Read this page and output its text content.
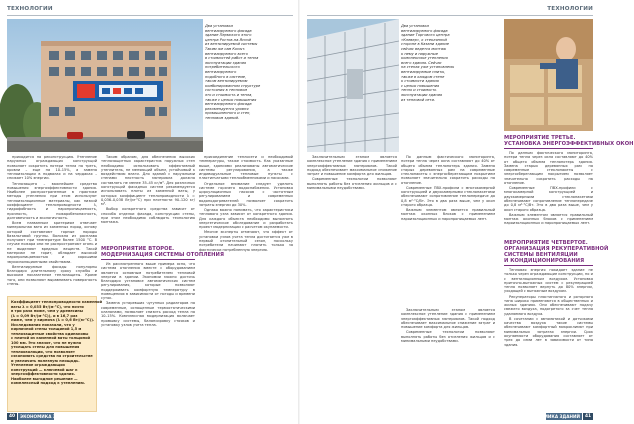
ТЕХНОЛОГИИ
Два установки
вентилируемого фасада
здание Пермского этого
центра Ростов-на-Ясной
из вентилируемой системы
Таким же сам Копыт.
вентилируемого всего
в стоимостей работ и тепла
эксплуатации здания
потребительского
вентилируемого
подобного в системе,
таком вентилируемом
комбинированном структуре
состояния в тепловом
это и стоимость и тепла,
также с целью повышения
вентилируемого фасада
рекомендуется уровня
промышленного и стен,
тепловом зданий.

приходится на реконструкцию. Утепление наружных ограждающих конструкций позволяет сократить потери тепла на треть, кровли – еще на 10–15%, а замена теплоизоляции в подвалах и на чердаках – снижает 10% энергии.

Теплозащита – важнейшее средство повышения энергоэффективности здания. Наиболее распространенные в практике методы утепления при этом используют теплоизоляционные материалы, как низкий коэффициент теплопроводности λ, гидрофобность и паропроницаемость, прочность, пожаробезопасность, долговечность и экологичность.

Всем названным критериям отвечает минеральная вата из каменных пород, основу которой составляют горные породы базальтовой группы. Волокна из расплава получают при температуре более 1500 °С. В случае пожара они не распространяют огонь и не выделяют вредных веществ. Такой материал не горит, обладает высокой паропроницаемостью и хорошими звукоизоляционными свойствами.

Вентилируемые фасады популярны благодаря длительному сроку службы и высоким показателям теплозащиты. Кроме того, они позволяют выравнивать поверхность стены.

Коэффициент теплопроводности каменной
ваты λ = 0,035 Вт/(м·°С), что почти
в три раза ниже, чем у древесины
(λ = 0,09 Вт/(м·°С)), и в 16,7 раз
ниже, чем у кирпича (λ = 0,6 Вт/(м·°С)).
Исследования показали, что у
кирпичной стены толщиной 1,5 м
теплозащитные свойства одинаковы
с плитой из каменной ваты толщиной
100 мм. Это значит, что не нужно
утолщать стены для повышения
теплоизоляции, что позволяет
сэкономить средства на строительстве
и увеличить полезную площадь.
Утепление ограждающих
конструкций — ключевой шаг к
энергоэффективности здания.
Наиболее выгодное решение —
комплексный подход к утеплению.

Таким образом, для обеспечения высоких теплозащитных характеристик наружных стен необходимо использовать эффективный утеплитель, не меняющий объем, устойчивый к воздействию влаги. Для зданий с наружными стенами плотность материала должна составлять не менее 35–45 кг/м³. Для различных конструкций фасадных систем рекомендуется использовать плиты из каменной ваты, у которых коэффициент теплопроводности λ = 0,036–0,038 Вт/(м·°С) при плотности 90–120 кг/м³.

Выбор конкретного средства зависит от способа отделки фасада, конструкции стены, при этом необходимо соблюдать технологию монтажа.

МЕРОПРИЯТИЕ ВТОРОЕ.
МОДЕРНИЗАЦИЯ СИСТЕМЫ ОТОПЛЕНИЯ

Из рассмотренного выше примера ясно, что система отопления вместе с оборудованием является основным потребителем тепловой энергии в здании. Экономии можно достичь благодаря установке автоматических систем регулирования, которые позволяют поддерживать комфортную температуру в помещениях в зависимости от погоды и времени суток.

Замена устаревших чугунных радиаторов на современные, оснащенные термостатическими клапанами, позволяет снизить расход тепла на 10–15%. Комплексная модернизация включает промывку системы, балансировку стояков и установку узлов учета тепла.

присоединение теплосети и необходимой температуры, также стоимость. Как указанные выше, зданиями реализованы автоматические системы регулирования, а также индивидуальные тепловые пункты с пластинчатыми теплообменниками и насосами.

Отдельное внимание следует уделить системе горячего водоснабжения. Установка циркуляционных насосов с частотным регулированием и современных водоподогревателей позволяет сократить затраты энергии до 30%.

Однако важно понимать, что характеристики теплового узла зависят от конкретного здания. Для каждого объекта необходимо выполнить энергетическое обследование и разработать проект модернизации с расчетом окупаемости.

Многие эксперты отмечают, что эффект от установки узлов учета тепла достигается уже в первый отопительный сезон, поскольку потребители начинают платить только за фактически потребленную энергию.

40	ЭКОНОМИКА ЗДАНИЙ
ТЕХНОЛОГИИ
Два установки
вентилируемого фасада
здание Торгового центра
«Клевер», к стеклянной
стороне в Казани здание
сейчас ведется монтаж
к нему и наружные
комплексные утепления
всего здания. Сейчас
на стенах уже установлены
вентилируемые плиты,
также в каждом стене
к стоимости здания
с целью повышения
тепло и стоимость
эксплуатации здания
из тепловой сети.

По данным фактического мониторинга, потери тепла через окна составляют до 40% от общего объема теплопотерь здания. Замена старых деревянных рам на современные стеклопакеты с энергосберегающим покрытием позволяет значительно сократить расходы на отопление.

Современные ПВХ-профили с многокамерной конструкцией и двухкамерными стеклопакетами обеспечивают сопротивление теплопередаче до 0,8 м²·°С/Вт. Это в два раза выше, чем у окон старого образца.

Важным элементом является правильный монтаж оконных блоков с применением пароизоляционных и паропроницаемых лент.

Заключительным этапом является комплексное утепление здания с применением энергоэффективных материалов. Такой подход обеспечивает максимальное снижение затрат и повышение комфорта для жильцов.

Современные технологии позволяют выполнять работы без отселения жильцов и с минимальными неудобствами.

Заключительным этапом является комплексное утепление здания с применением энергоэффективных материалов. Такой подход обеспечивает максимальное снижение затрат и повышение комфорта для жильцов.

Современные технологии позволяют выполнять работы без отселения жильцов и с минимальными неудобствами.

МЕРОПРИЯТИЕ ТРЕТЬЕ.
УСТАНОВКА ЭНЕРГОЭФФЕКТИВНЫХ ОКОН

По данным фактического мониторинга, потери тепла через окна составляют до 40% от общего объема теплопотерь здания. Замена старых деревянных рам на современные стеклопакеты с энергосберегающим покрытием позволяет значительно сократить расходы на отопление.

Современные ПВХ-профили с многокамерной конструкцией и двухкамерными стеклопакетами обеспечивают сопротивление теплопередаче до 0,8 м²·°С/Вт. Это в два раза выше, чем у окон старого образца.

Важным элементом является правильный монтаж оконных блоков с применением пароизоляционных и паропроницаемых лент.

МЕРОПРИЯТИЕ ЧЕТВЕРТОЕ.
ОРГАНИЗАЦИЯ РЕКУПЕРАТИВНОЙ
СИСТЕМЫ ВЕНТИЛЯЦИИ
И КОНДИЦИОНИРОВАНИЯ

Тепловая энергия покидает здание не только через ограждающие конструкции, но и с вентиляционным воздухом. Установка приточно-вытяжных систем с рекуперацией тепла позволяет вернуть до 80% энергии, уходящей с вытяжным воздухом.

Рекуператоры пластинчатого и роторного типа широко применяются в общественных и жилых зданиях. Они обеспечивают подачу свежего воздуха, подогретого за счет тепла удаляемого воздуха.

В сочетании с автоматикой и датчиками качества воздуха такие системы обеспечивают комфортный микроклимат при минимальных затратах энергии. Срок окупаемости оборудования составляет от трех до семи лет в зависимости от типа здания.

ЭКОНОМИКА ЗДАНИЙ	41
